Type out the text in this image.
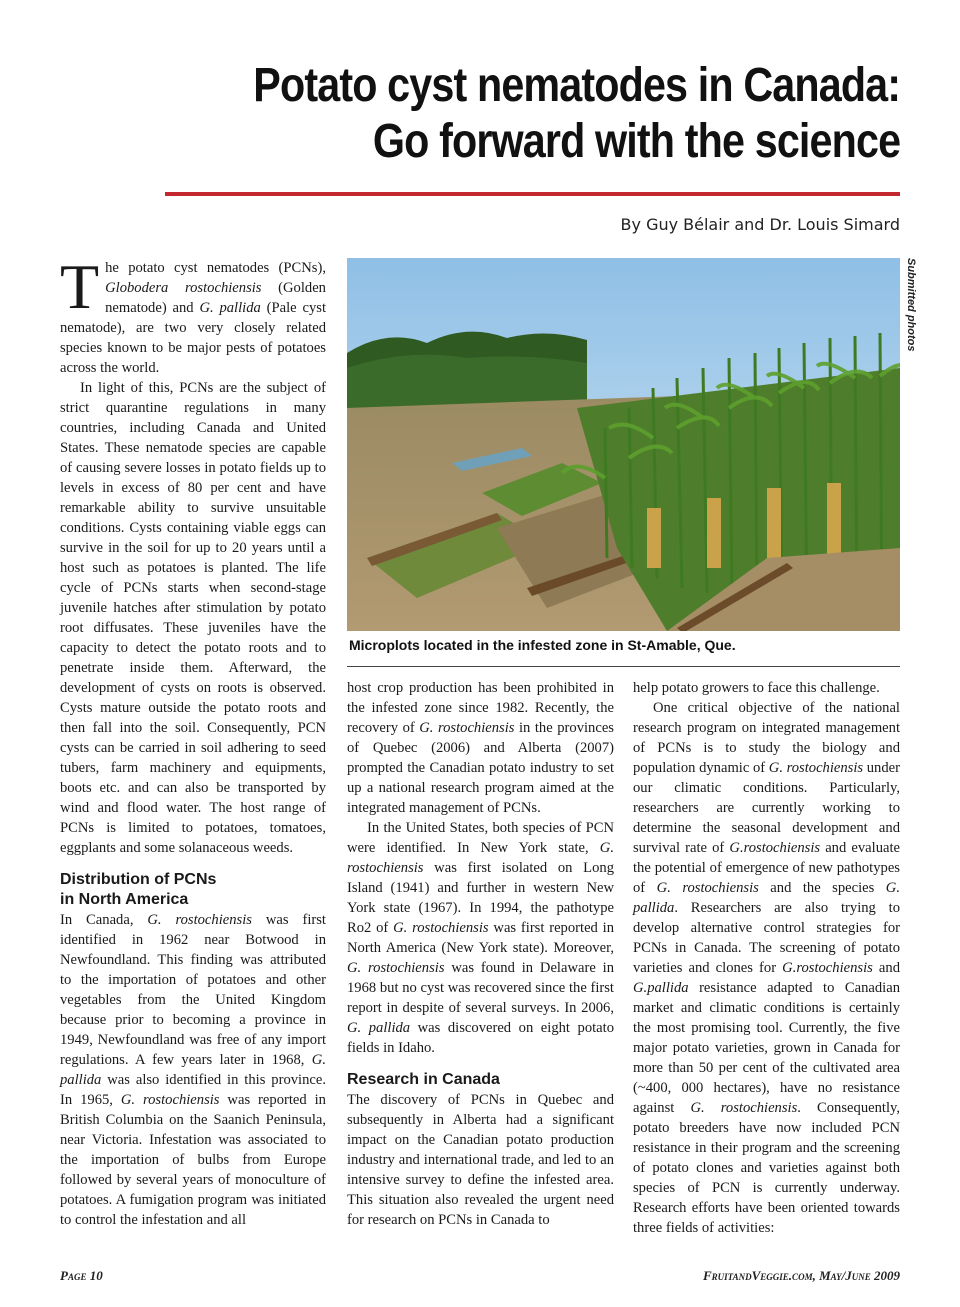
Potato cyst nematodes in Canada:
Go forward with the science
By Guy Bélair and Dr. Louis Simard
Submitted photos
Microplots located in the infested zone in St-Amable, Que.

The potato cyst nematodes (PCNs), Globodera rostochiensis (Golden nematode) and G. pallida (Pale cyst nematode), are two very closely related species known to be major pests of potatoes across the world.

In light of this, PCNs are the subject of strict quarantine regulations in many countries, including Canada and United States. These nematode species are capable of causing severe losses in potato fields up to levels in excess of 80 per cent and have remarkable ability to survive unsuitable conditions. Cysts containing viable eggs can survive in the soil for up to 20 years until a host such as potatoes is planted. The life cycle of PCNs starts when second-stage juvenile hatches after stimulation by potato root diffusates. These juveniles have the capacity to detect the potato roots and to penetrate inside them. Afterward, the development of cysts on roots is observed. Cysts mature outside the potato roots and then fall into the soil. Consequently, PCN cysts can be carried in soil adhering to seed tubers, farm machinery and equipments, boots etc. and can also be transported by wind and flood water. The host range of PCNs is limited to potatoes, tomatoes, eggplants and some solanaceous weeds.

Distribution of PCNs
in North America

In Canada, G. rostochiensis was first identified in 1962 near Botwood in Newfoundland. This finding was attributed to the importation of potatoes and other vegetables from the United Kingdom because prior to becoming a province in 1949, Newfoundland was free of any import regulations. A few years later in 1968, G. pallida was also identified in this province. In 1965, G. rostochiensis was reported in British Columbia on the Saanich Peninsula, near Victoria. Infestation was associated to the importation of bulbs from Europe followed by several years of monoculture of potatoes. A fumigation program was initiated to control the infestation and all

host crop production has been prohibited in the infested zone since 1982. Recently, the recovery of G. rostochiensis in the provinces of Quebec (2006) and Alberta (2007) prompted the Canadian potato industry to set up a national research program aimed at the integrated management of PCNs.

In the United States, both species of PCN were identified. In New York state, G. rostochiensis was first isolated on Long Island (1941) and further in western New York state (1967). In 1994, the pathotype Ro2 of G. rostochiensis was first reported in North America (New York state). Moreover, G. rostochiensis was found in Delaware in 1968 but no cyst was recovered since the first report in despite of several surveys. In 2006, G. pallida was discovered on eight potato fields in Idaho.

Research in Canada

The discovery of PCNs in Quebec and subsequently in Alberta had a significant impact on the Canadian potato production industry and international trade, and led to an intensive survey to define the infested area. This situation also revealed the urgent need for research on PCNs in Canada to

help potato growers to face this challenge.

One critical objective of the national research program on integrated management of PCNs is to study the biology and population dynamic of G. rostochiensis under our climatic conditions. Particularly, researchers are currently working to determine the seasonal development and survival rate of G.rostochiensis and evaluate the potential of emergence of new pathotypes of G. rostochiensis and the species G. pallida. Researchers are also trying to develop alternative control strategies for PCNs in Canada. The screening of potato varieties and clones for G.rostochiensis and G.pallida resistance adapted to Canadian market and climatic conditions is certainly the most promising tool. Currently, the five major potato varieties, grown in Canada for more than 50 per cent of the cultivated area (~400, 000 hectares), have no resistance against G. rostochiensis. Consequently, potato breeders have now included PCN resistance in their program and the screening of potato clones and varieties against both species of PCN is currently underway. Research efforts have been oriented towards three fields of activities:

Page 10	FruitandVeggie.com, May/June 2009
